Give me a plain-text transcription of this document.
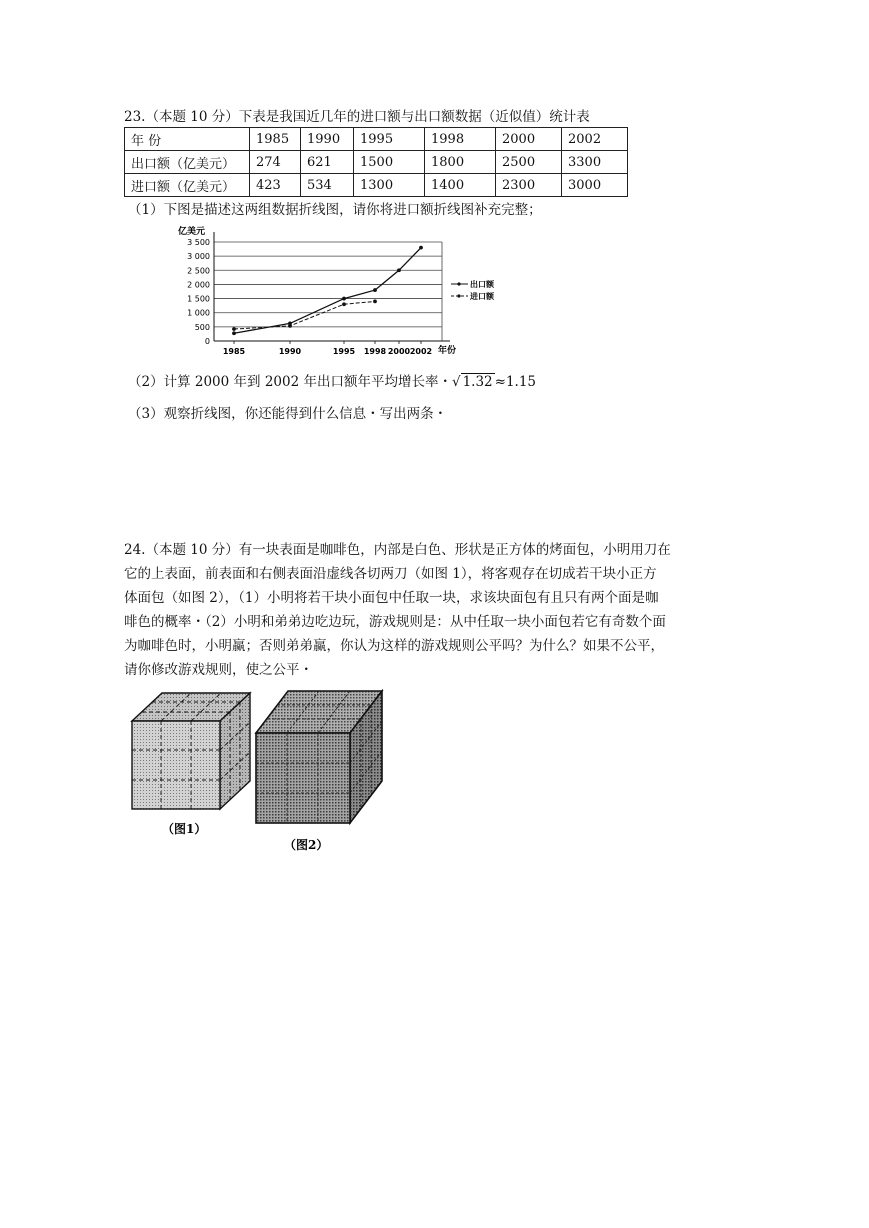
23.（本题 10 分）下表是我国近几年的进口额与出口额数据（近似值）统计表
年 份	1985	1990	1995	1998	2000	2002
出口额（亿美元）	274	621	1500	1800	2500	3300
进口额（亿美元）	423	534	1300	1400	2300	3000
（1）下图是描述这两组数据折线图，请你将进口额折线图补充完整；
0
500
1 000
1 500
2 000
2 500
3 000
3 500
1985	1990	1995 1998 2000 2002
出口额
进口额
亿美元
年份
（2）计算 2000 年到 2002 年出口额年平均增长率・√ 1.32 ≈1.15
（3）观察折线图，你还能得到什么信息・写出两条・
24.（本题 10 分）有一块表面是咖啡色，内部是白色、形状是正方体的烤面包，小明用刀在
它的上表面，前表面和右侧表面沿虚线各切两刀（如图 1），将客观存在切成若干块小正方
体面包（如图 2），（1）小明将若干块小面包中任取一块，求该块面包有且只有两个面是咖
啡色的概率・（2）小明和弟弟边吃边玩，游戏规则是：从中任取一块小面包若它有奇数个面
为咖啡色时，小明赢；否则弟弟赢，你认为这样的游戏规则公平吗？为什么？如果不公平，
请你修改游戏规则，使之公平・
（图1）
（图2）
